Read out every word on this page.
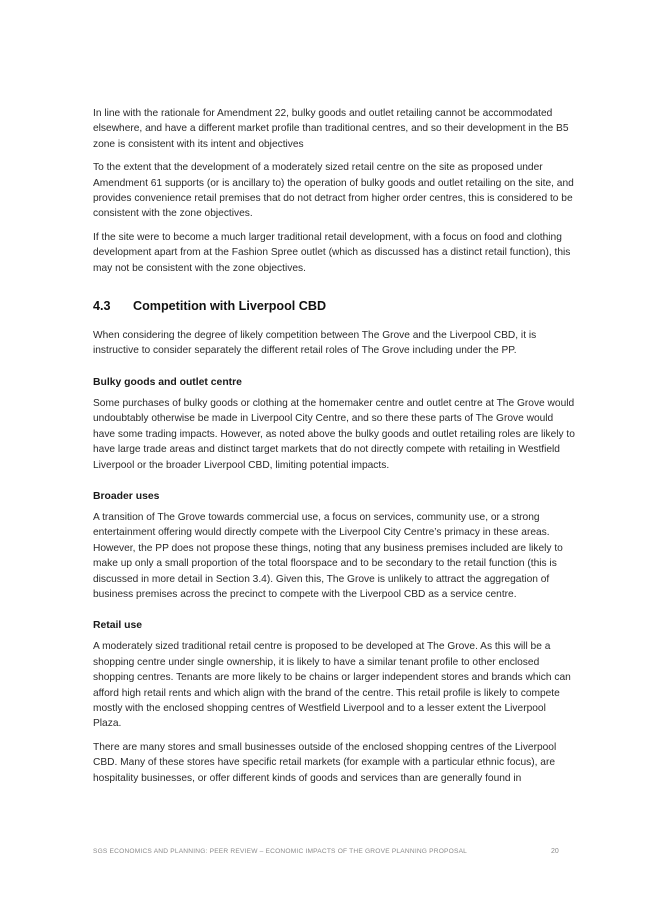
In line with the rationale for Amendment 22, bulky goods and outlet retailing cannot be accommodated elsewhere, and have a different market profile than traditional centres, and so their development in the B5 zone is consistent with its intent and objectives

To the extent that the development of a moderately sized retail centre on the site as proposed under Amendment 61 supports (or is ancillary to) the operation of bulky goods and outlet retailing on the site, and provides convenience retail premises that do not detract from higher order centres, this is considered to be consistent with the zone objectives.

If the site were to become a much larger traditional retail development, with a focus on food and clothing development apart from at the Fashion Spree outlet (which as discussed has a distinct retail function), this may not be consistent with the zone objectives.

4.3 Competition with Liverpool CBD

When considering the degree of likely competition between The Grove and the Liverpool CBD, it is instructive to consider separately the different retail roles of The Grove including under the PP.

Bulky goods and outlet centre

Some purchases of bulky goods or clothing at the homemaker centre and outlet centre at The Grove would undoubtably otherwise be made in Liverpool City Centre, and so there these parts of The Grove would have some trading impacts. However, as noted above the bulky goods and outlet retailing roles are likely to have large trade areas and distinct target markets that do not directly compete with retailing in Westfield Liverpool or the broader Liverpool CBD, limiting potential impacts.

Broader uses

A transition of The Grove towards commercial use, a focus on services, community use, or a strong entertainment offering would directly compete with the Liverpool City Centre’s primacy in these areas. However, the PP does not propose these things, noting that any business premises included are likely to make up only a small proportion of the total floorspace and to be secondary to the retail function (this is discussed in more detail in Section 3.4). Given this, The Grove is unlikely to attract the aggregation of business premises across the precinct to compete with the Liverpool CBD as a service centre.

Retail use

A moderately sized traditional retail centre is proposed to be developed at The Grove. As this will be a shopping centre under single ownership, it is likely to have a similar tenant profile to other enclosed shopping centres. Tenants are more likely to be chains or larger independent stores and brands which can afford high retail rents and which align with the brand of the centre. This retail profile is likely to compete mostly with the enclosed shopping centres of Westfield Liverpool and to a lesser extent the Liverpool Plaza.

There are many stores and small businesses outside of the enclosed shopping centres of the Liverpool CBD. Many of these stores have specific retail markets (for example with a particular ethnic focus), are hospitality businesses, or offer different kinds of goods and services than are generally found in

SGS ECONOMICS AND PLANNING: PEER REVIEW – ECONOMIC IMPACTS OF THE GROVE PLANNING PROPOSAL	20
